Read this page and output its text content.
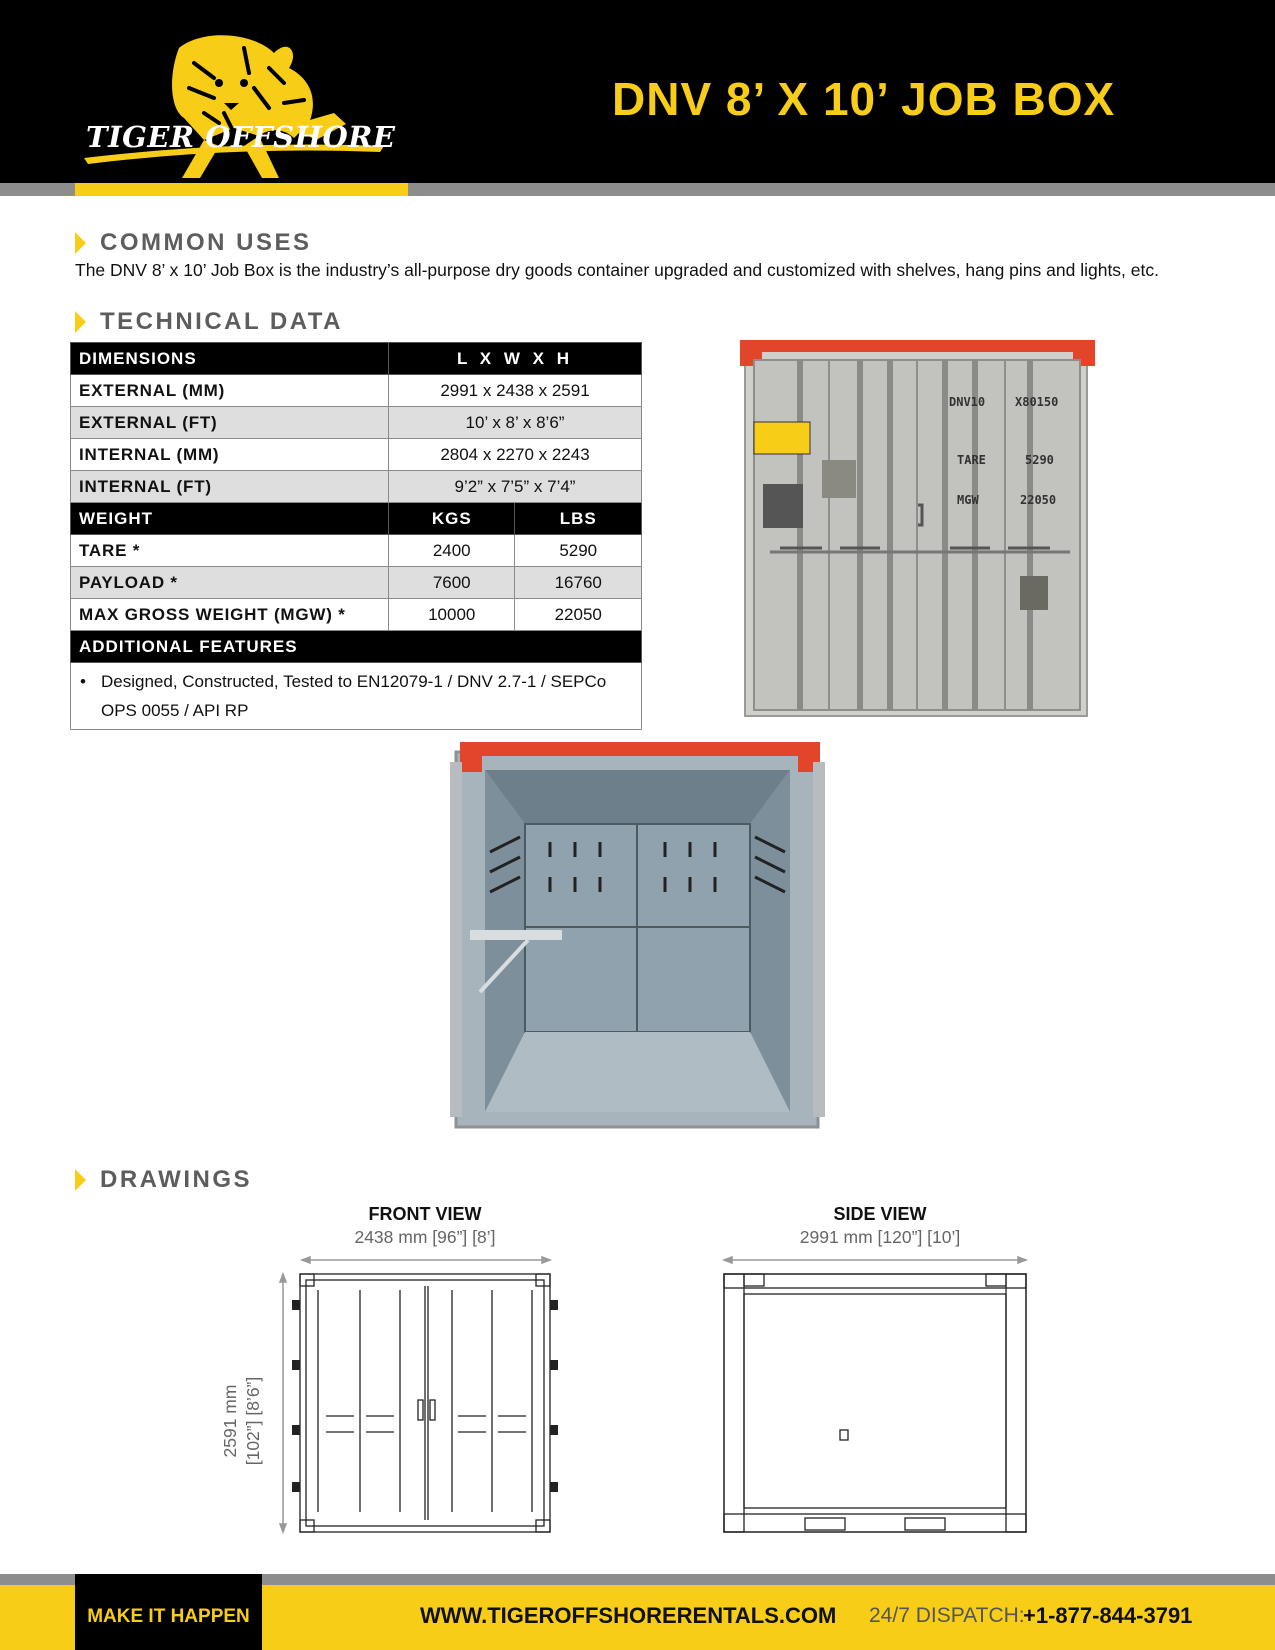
TIGER OFFSHORE
DNV 8’ X 10’ JOB BOX
COMMON USES
The DNV 8’ x 10’ Job Box is the industry’s all-purpose dry goods container upgraded and customized with shelves, hang pins and lights, etc.
TECHNICAL DATA
DIMENSIONS	L X W X H	
EXTERNAL (MM)	2991 x 2438 x 2591	
EXTERNAL (FT)	10’ x 8’ x 8’6”	
INTERNAL (MM)	2804 x 2270 x 2243	
INTERNAL (FT)	9’2” x 7’5” x 7’4”	
WEIGHT	KGS	LBS
TARE *	2400	5290
PAYLOAD *	7600	16760
MAX GROSS WEIGHT (MGW) *	10000	22050
ADDITIONAL FEATURES		
• Designed, Constructed, Tested to EN12079-1 / DNV 2.7-1 / SEPCo OPS 0055 / API RP
DNV10 X80150
TARE	5290
MGW	22050
DRAWINGS
FRONT VIEW
2438 mm [96”] [8’]
2591 mm [102”] [8’6”]
SIDE VIEW
2991 mm [120”] [10’]
MAKE IT HAPPEN	WWW.TIGEROFFSHORERENTALS.COM 24/7 DISPATCH:
+1-877-844-3791
